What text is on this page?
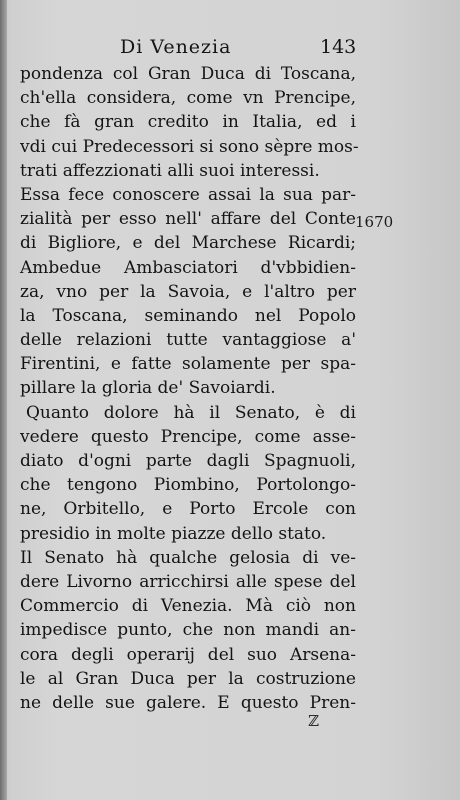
Di Venezia	143
pondenza col Gran Duca di Toscana,
ch'ella considera, come vn Prencipe,
che fà gran credito in Italia, ed i
vdi cui Predecessori si sono sèpre mos-
trati affezzionati alli suoi interessi.
Essa fece conoscere assai la sua par-
zialità per esso nell' affare del Conte
di Bigliore, e del Marchese Ricardi;
Ambedue Ambasciatori d'vbbidien-
za, vno per la Savoia, e l'altro per
la Toscana, seminando nel Popolo
delle relazioni tutte vantaggiose a'
Firentini, e fatte solamente per spa-
pillare la gloria de' Savoiardi.
Quanto dolore hà il Senato, è di
vedere questo Prencipe, come asse-
diato d'ogni parte dagli Spagnuoli,
che tengono Piombino, Portolongo-
ne, Orbitello, e Porto Ercole con
presidio in molte piazze dello stato.
Il Senato hà qualche gelosia di ve-
dere Livorno arricchirsi alle spese del
Commercio di Venezia. Mà ciò non
impedisce punto, che non mandi an-
cora degli operarij del suo Arsena-
le al Gran Duca per la costruzione
ne delle sue galere. E questo Pren-
1670
ℤ
